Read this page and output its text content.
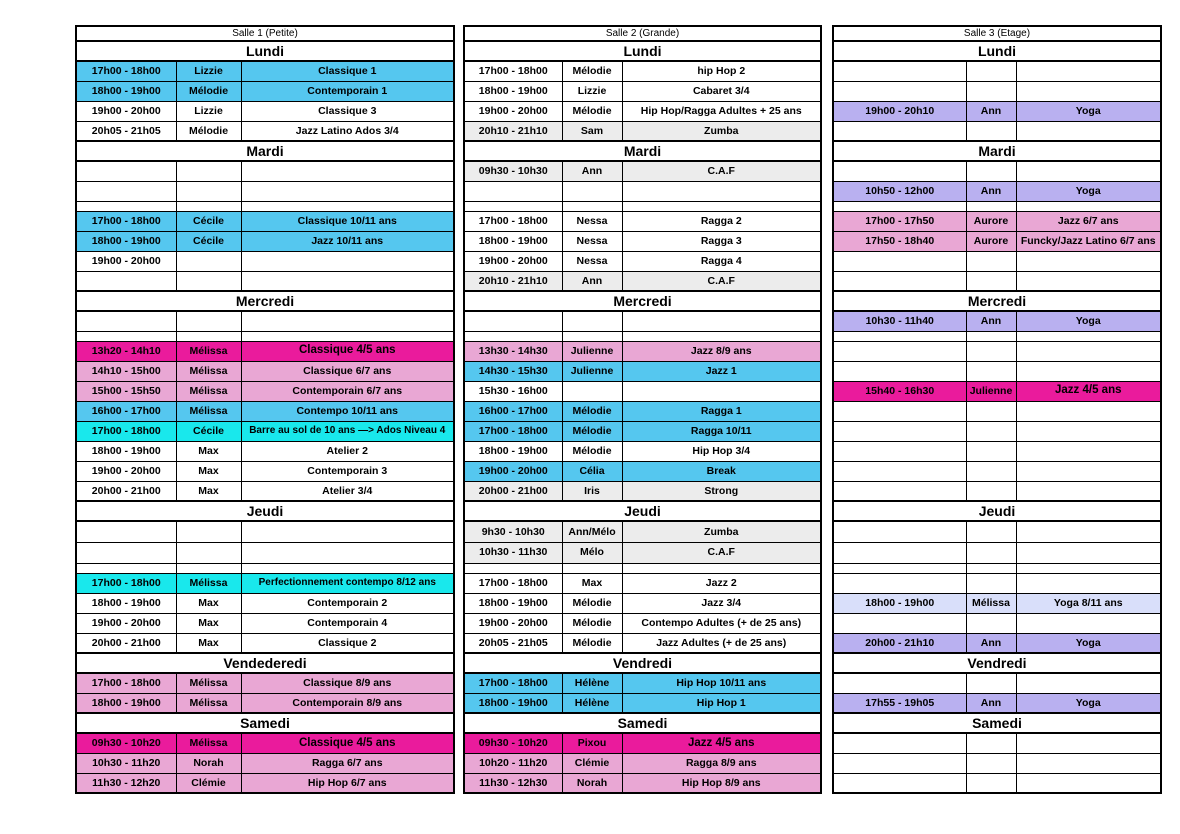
Salle 1 (Petite)		
Lundi		
17h00 - 18h00	Lizzie	Classique 1
18h00 - 19h00	Mélodie	Contemporain 1
19h00 - 20h00	Lizzie	Classique 3
20h05 - 21h05	Mélodie	Jazz Latino Ados 3/4
Mardi		

17h00 - 18h00	Cécile	Classique 10/11 ans
18h00 - 19h00	Cécile	Jazz 10/11 ans
19h00 - 20h00		

Mercredi		

13h20 - 14h10	Mélissa	Classique 4/5 ans
14h10 - 15h00	Mélissa	Classique 6/7 ans
15h00 - 15h50	Mélissa	Contemporain 6/7 ans
16h00 - 17h00	Mélissa	Contempo 10/11 ans
17h00 - 18h00	Cécile	Barre au sol de 10 ans —> Ados Niveau 4
18h00 - 19h00	Max	Atelier 2
19h00 - 20h00	Max	Contemporain 3
20h00 - 21h00	Max	Atelier 3/4
Jeudi		

17h00 - 18h00	Mélissa	Perfectionnement contempo 8/12 ans
18h00 - 19h00	Max	Contemporain 2
19h00 - 20h00	Max	Contemporain 4
20h00 - 21h00	Max	Classique 2
Vendederedi		
17h00 - 18h00	Mélissa	Classique 8/9 ans
18h00 - 19h00	Mélissa	Contemporain 8/9 ans
Samedi		
09h30 - 10h20	Mélissa	Classique 4/5 ans
10h30 - 11h20	Norah	Ragga 6/7 ans
11h30 - 12h20	Clémie	Hip Hop 6/7 ans
Salle 2 (Grande)		
Lundi		
17h00 - 18h00	Mélodie	hip Hop 2
18h00 - 19h00	Lizzie	Cabaret 3/4
19h00 - 20h00	Mélodie	Hip Hop/Ragga Adultes + 25 ans
20h10 - 21h10	Sam	Zumba
Mardi		
09h30 - 10h30	Ann	C.A.F

17h00 - 18h00	Nessa	Ragga 2
18h00 - 19h00	Nessa	Ragga 3
19h00 - 20h00	Nessa	Ragga 4
20h10 - 21h10	Ann	C.A.F
Mercredi		

13h30 - 14h30	Julienne	Jazz 8/9 ans
14h30 - 15h30	Julienne	Jazz 1
15h30 - 16h00		
16h00 - 17h00	Mélodie	Ragga 1
17h00 - 18h00	Mélodie	Ragga 10/11
18h00 - 19h00	Mélodie	Hip Hop 3/4
19h00 - 20h00	Célia	Break
20h00 - 21h00	Iris	Strong
Jeudi		
9h30 - 10h30	Ann/Mélo	Zumba
10h30 - 11h30	Mélo	C.A.F

17h00 - 18h00	Max	Jazz 2
18h00 - 19h00	Mélodie	Jazz 3/4
19h00 - 20h00	Mélodie	Contempo Adultes (+ de 25 ans)
20h05 - 21h05	Mélodie	Jazz Adultes (+ de 25 ans)
Vendredi		
17h00 - 18h00	Hélène	Hip Hop 10/11 ans
18h00 - 19h00	Hélène	Hip Hop 1
Samedi		
09h30 - 10h20	Pixou	Jazz 4/5 ans
10h20 - 11h20	Clémie	Ragga 8/9 ans
11h30 - 12h30	Norah	Hip Hop 8/9 ans
Salle 3 (Etage)		
Lundi		

19h00 - 20h10	Ann	Yoga

Mardi		

10h50 - 12h00	Ann	Yoga

17h00 - 17h50	Aurore	Jazz 6/7 ans
17h50 - 18h40	Aurore	Funcky/Jazz Latino 6/7 ans

Mercredi		
10h30 - 11h40	Ann	Yoga

15h40 - 16h30	Julienne	Jazz 4/5 ans

Jeudi		

18h00 - 19h00	Mélissa	Yoga 8/11 ans

20h00 - 21h10	Ann	Yoga
Vendredi		

17h55 - 19h05	Ann	Yoga
Samedi		
